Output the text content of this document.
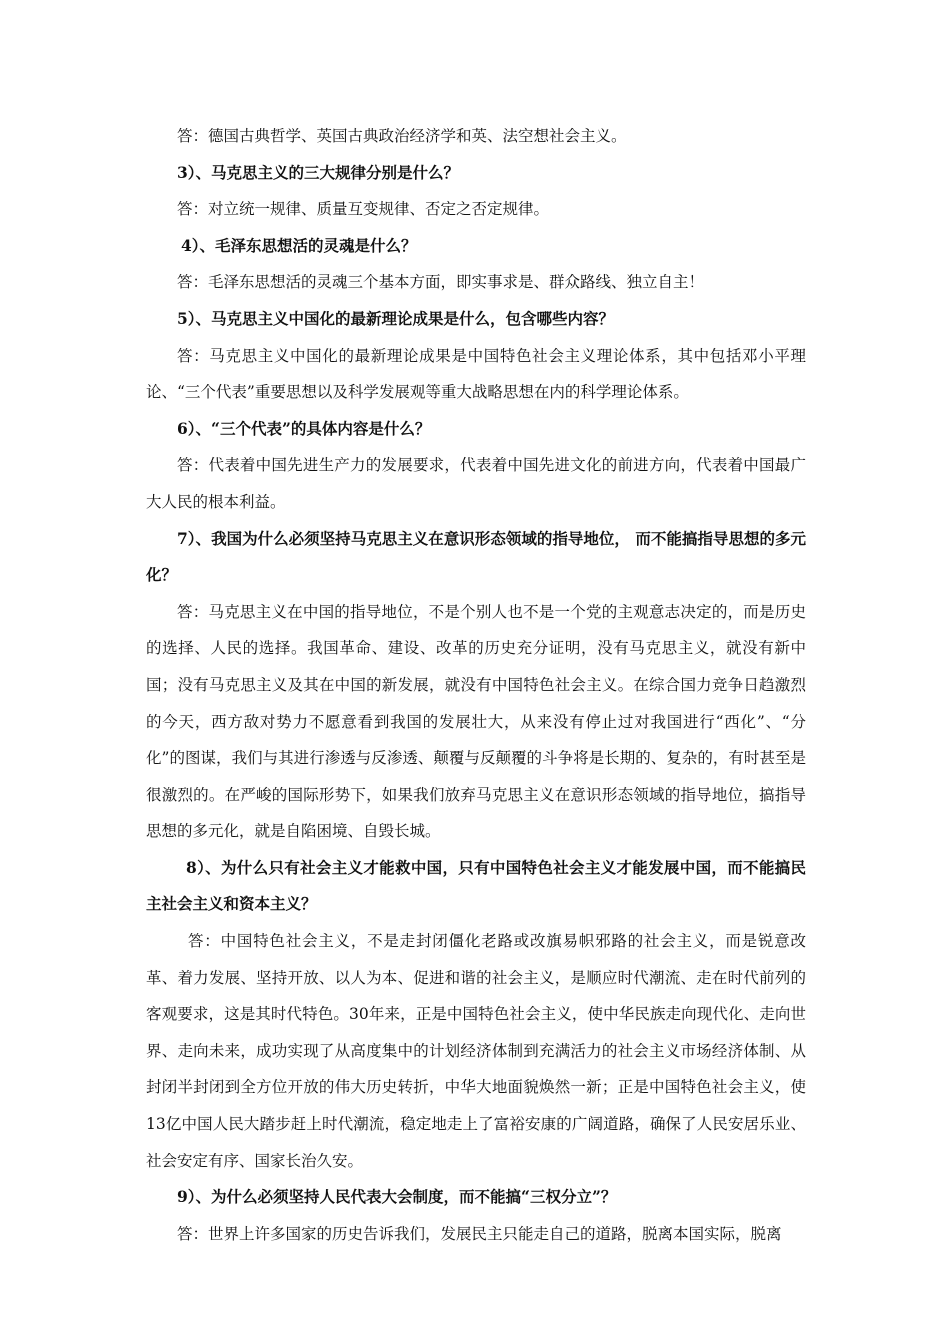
答：德国古典哲学、英国古典政治经济学和英、法空想社会主义。

3）、马克思主义的三大规律分别是什么？

答：对立统一规律、质量互变规律、否定之否定规律。

4）、毛泽东思想活的灵魂是什么？

答：毛泽东思想活的灵魂三个基本方面，即实事求是、群众路线、独立自主！

5）、马克思主义中国化的最新理论成果是什么，包含哪些内容？

答：马克思主义中国化的最新理论成果是中国特色社会主义理论体系，其中包括邓小平理论、“三个代表”重要思想以及科学发展观等重大战略思想在内的科学理论体系。

6）、“三个代表”的具体内容是什么？

答：代表着中国先进生产力的发展要求，代表着中国先进文化的前进方向，代表着中国最广大人民的根本利益。

7）、我国为什么必须坚持马克思主义在意识形态领域的指导地位， 而不能搞指导思想的多元化？

答：马克思主义在中国的指导地位，不是个别人也不是一个党的主观意志决定的，而是历史的选择、人民的选择。我国革命、建设、改革的历史充分证明，没有马克思主义，就没有新中国；没有马克思主义及其在中国的新发展，就没有中国特色社会主义。在综合国力竞争日趋激烈的今天，西方敌对势力不愿意看到我国的发展壮大，从来没有停止过对我国进行“西化”、“分化”的图谋，我们与其进行渗透与反渗透、颠覆与反颠覆的斗争将是长期的、复杂的，有时甚至是很激烈的。在严峻的国际形势下，如果我们放弃马克思主义在意识形态领域的指导地位，搞指导思想的多元化，就是自陷困境、自毁长城。

8）、为什么只有社会主义才能救中国，只有中国特色社会主义才能发展中国，而不能搞民主社会主义和资本主义？

答：中国特色社会主义，不是走封闭僵化老路或改旗易帜邪路的社会主义，而是锐意改革、着力发展、坚持开放、以人为本、促进和谐的社会主义，是顺应时代潮流、走在时代前列的客观要求，这是其时代特色。30年来，正是中国特色社会主义，使中华民族走向现代化、走向世界、走向未来，成功实现了从高度集中的计划经济体制到充满活力的社会主义市场经济体制、从封闭半封闭到全方位开放的伟大历史转折，中华大地面貌焕然一新；正是中国特色社会主义，使13亿中国人民大踏步赶上时代潮流，稳定地走上了富裕安康的广阔道路，确保了人民安居乐业、社会安定有序、国家长治久安。

9）、为什么必须坚持人民代表大会制度，而不能搞“三权分立”？

答：世界上许多国家的历史告诉我们，发展民主只能走自己的道路，脱离本国实际，脱离
